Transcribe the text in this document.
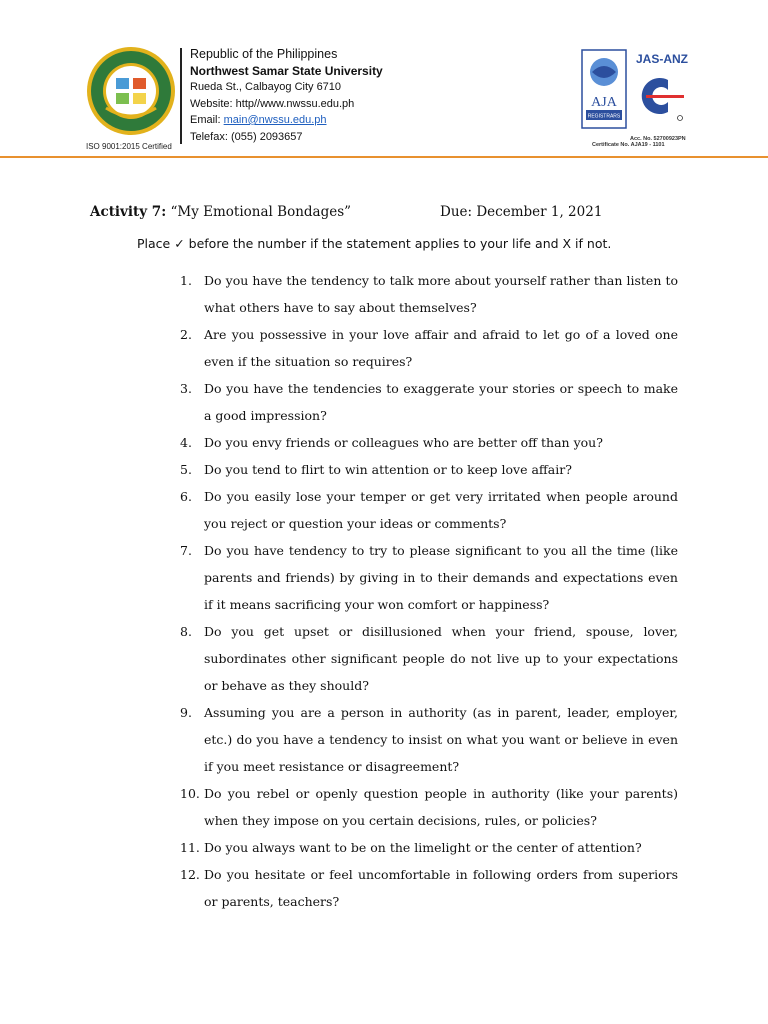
ISO 9001:2015 Certified
Republic of the Philippines
Northwest Samar State University
Rueda St., Calbayog City 6710
Website: http//www.nwssu.edu.ph
Email: main@nwssu.edu.ph
Telefax: (055) 2093657
AJA
REGISTRARS
JAS-ANZ
Acc. No. 52700923PN
Certificate No. AJA19 - 1101
Activity 7: “My Emotional Bondages”	Due: December 1, 2021
Place ✓ before the number if the statement applies to your life and X if not.
1. Do you have the tendency to talk more about yourself rather than listen to what others have to say about themselves?
2. Are you possessive in your love affair and afraid to let go of a loved one even if the situation so requires?
3. Do you have the tendencies to exaggerate your stories or speech to make a good impression?
4. Do you envy friends or colleagues who are better off than you?
5. Do you tend to flirt to win attention or to keep love affair?
6. Do you easily lose your temper or get very irritated when people around you reject or question your ideas or comments?
7. Do you have tendency to try to please significant to you all the time (like parents and friends) by giving in to their demands and expectations even if it means sacrificing your won comfort or happiness?
8. Do you get upset or disillusioned when your friend, spouse, lover, subordinates other significant people do not live up to your expectations or behave as they should?
9. Assuming you are a person in authority (as in parent, leader, employer, etc.) do you have a tendency to insist on what you want or believe in even if you meet resistance or disagreement?
10. Do you rebel or openly question people in authority (like your parents) when they impose on you certain decisions, rules, or policies?
11. Do you always want to be on the limelight or the center of attention?
12. Do you hesitate or feel uncomfortable in following orders from superiors or parents, teachers?
